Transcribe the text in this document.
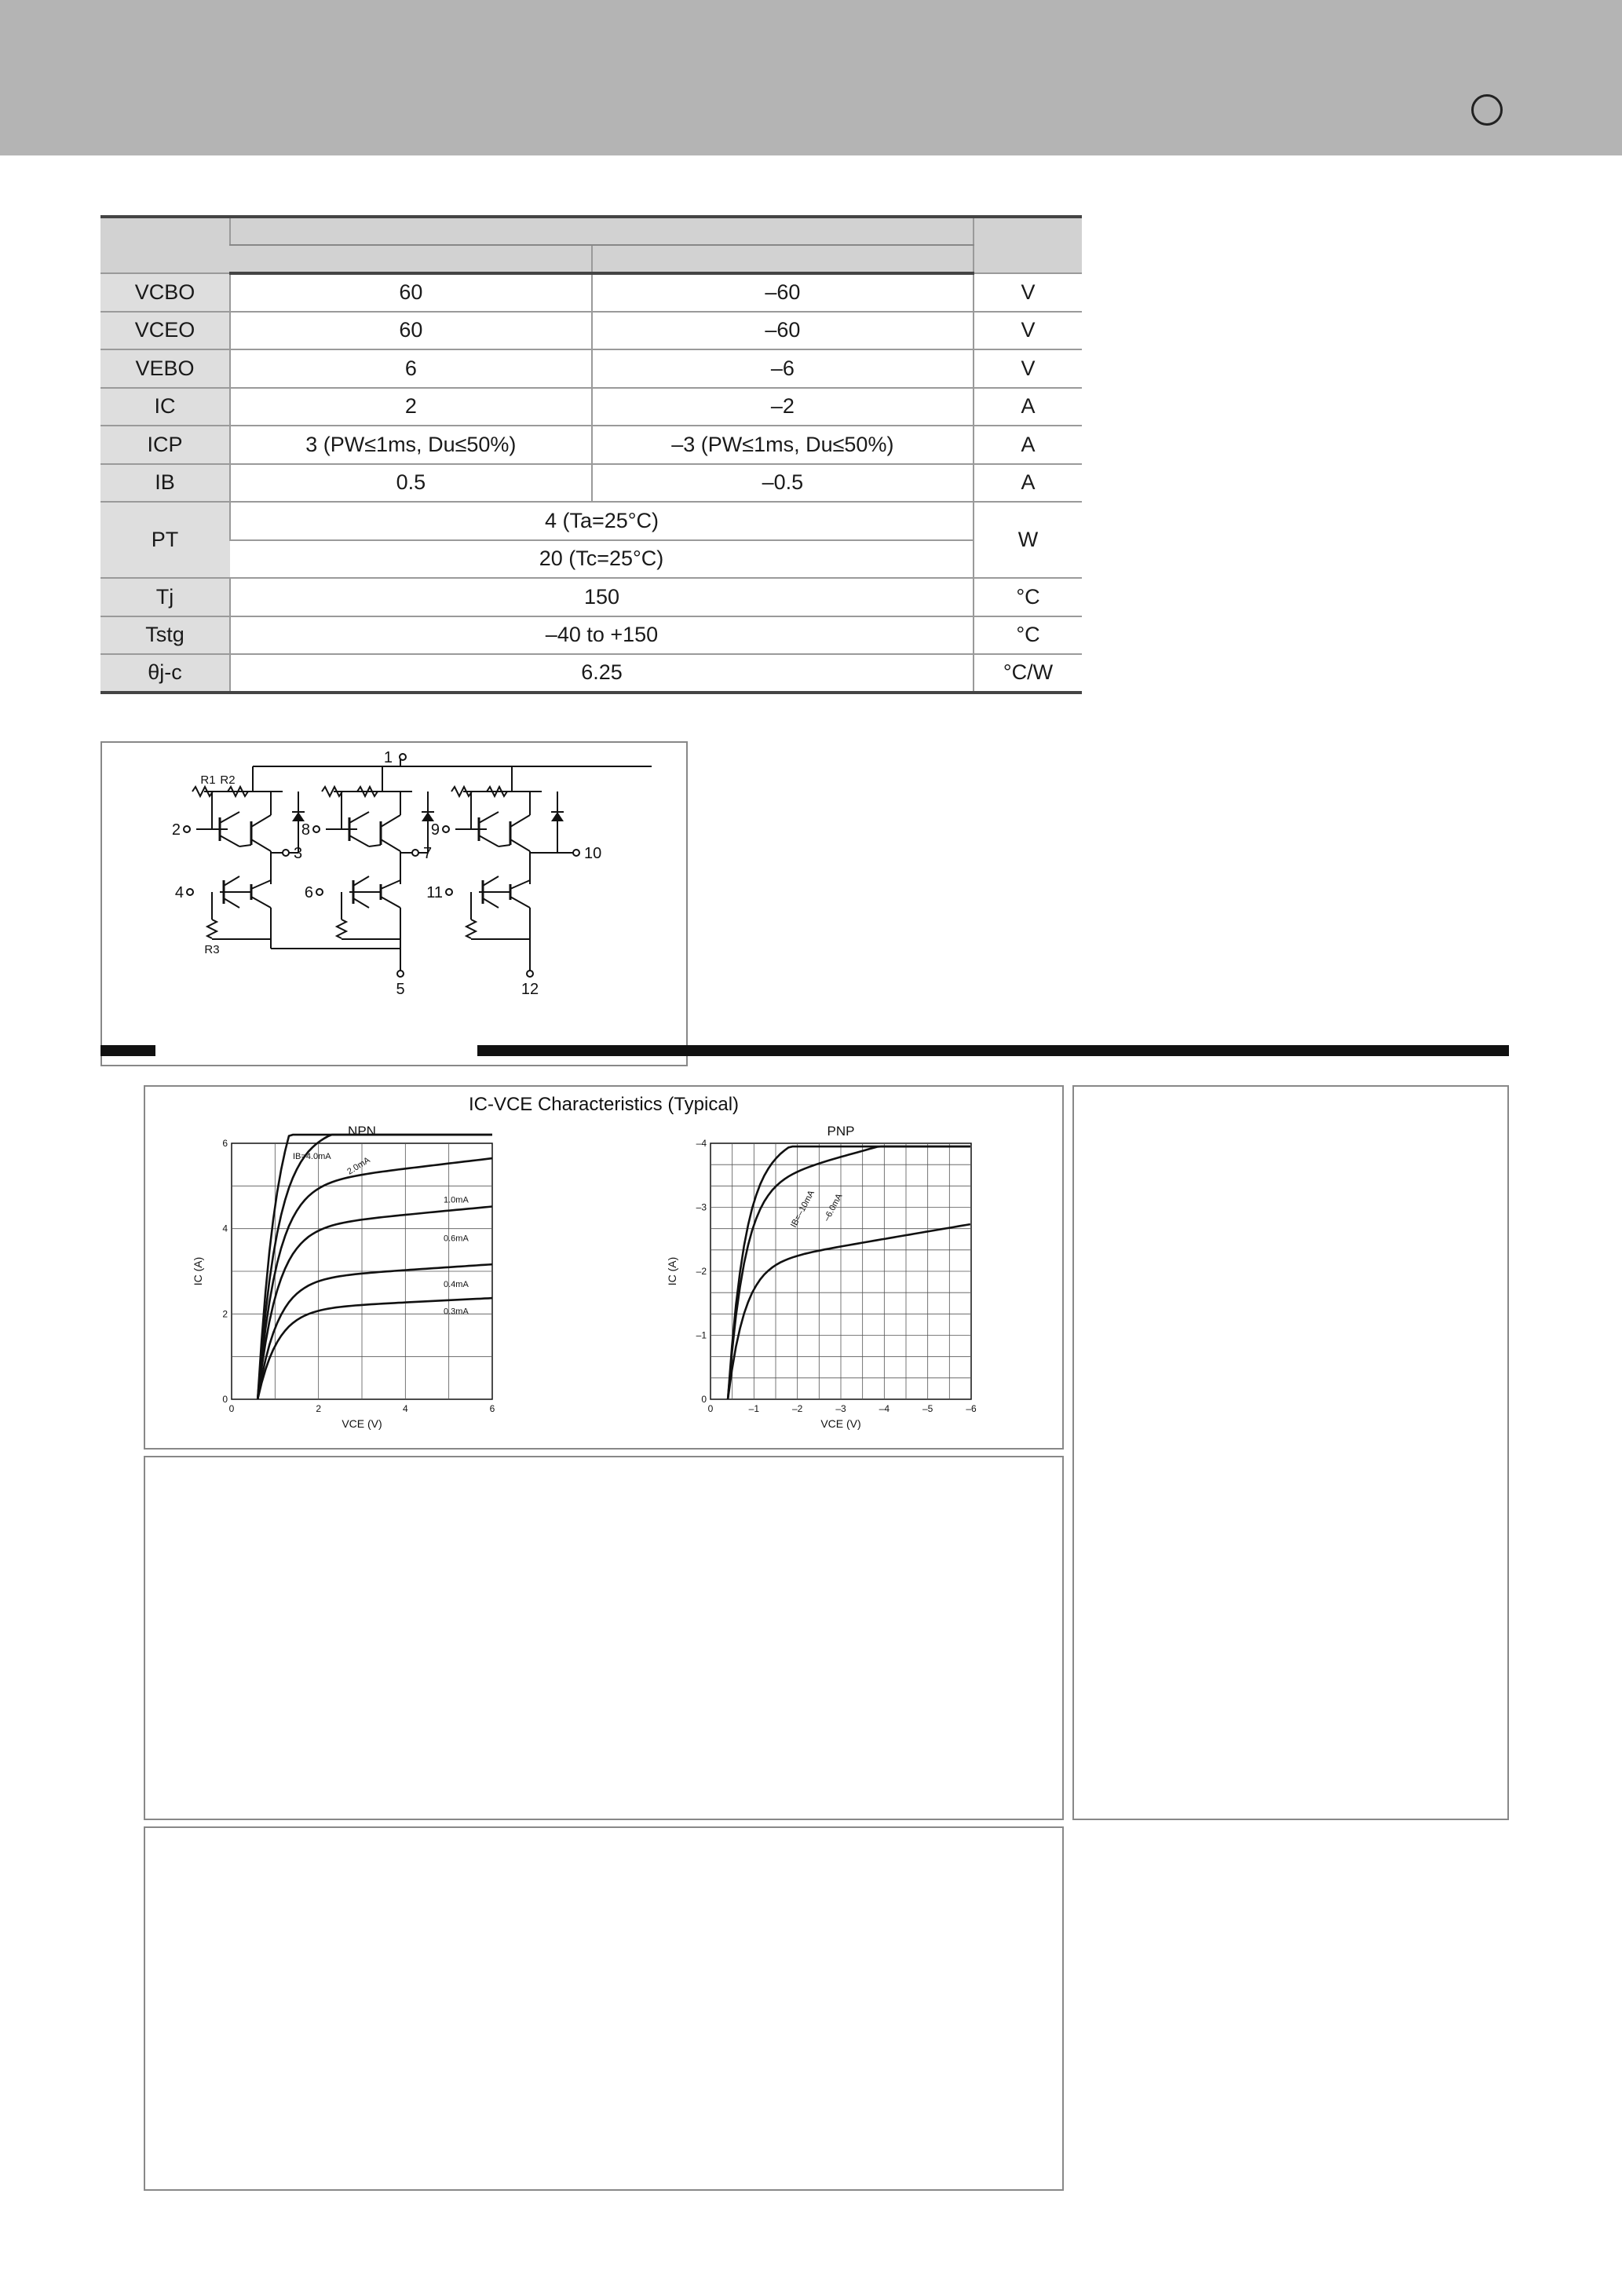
VCBO	60	–60	V
VCEO	60	–60	V
VEBO	6	–6	V
IC	2	–2	A
ICP	3 (PW≤1ms, Du≤50%)	–3 (PW≤1ms, Du≤50%)	A
IB	0.5	–0.5	A
PT	4 (Ta=25°C)		W
	20 (Tc=25°C)		
Tj	150		°C
Tstg	–40 to +150		°C
θj-c	6.25		°C/W
1
3
2
4
7
8
6
10
9
11
5	12
R1 R2
R3
IC-VCE Characteristics (Typical)
0	2	4	6
0
2
4
6
VCE (V)
IC (A)
NPN
IB=4.0mA 2.0mA
1.0mA
0.6mA
0.4mA
0.3mA
0	–1	–2	–3	–4	–5	–6
0
–1
–2
–3
–4
VCE (V)
IC (A)
PNP
IB=–10mA –6.0mA
